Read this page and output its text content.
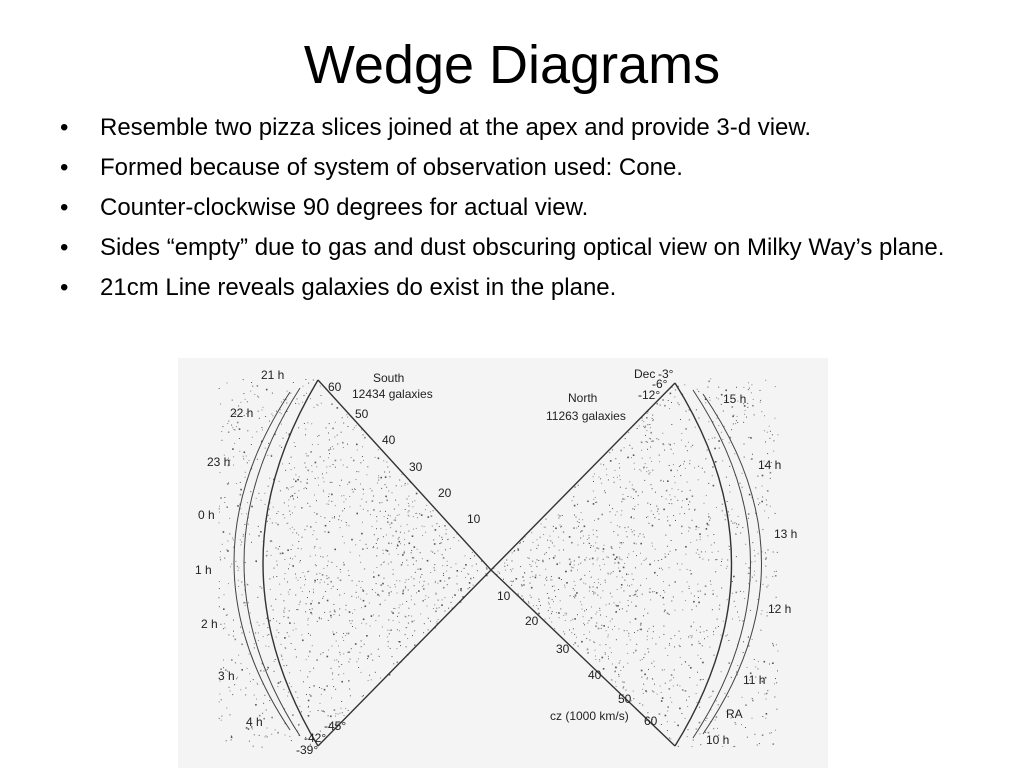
Wedge Diagrams
•	Resemble two pizza slices joined at the apex and provide 3-d view.
•	Formed because of system of observation used: Cone.
•	Counter-clockwise 90 degrees for actual view.
•	Sides “empty” due to gas and dust obscuring optical view on Milky Way’s plane.
•	21cm Line reveals galaxies do exist in the plane.
South
12434 galaxies	North
11263 galaxies
Dec -3°
-6°
-12°
-45°
-42°
-39°
60
50
40
30
20
10
10
20
30
40
50
60
cz (1000 km/s)	RA
21 h
22 h
23 h
0 h
1 h
2 h
3 h
4 h
15 h
14 h
13 h
12 h
11 h
10 h
